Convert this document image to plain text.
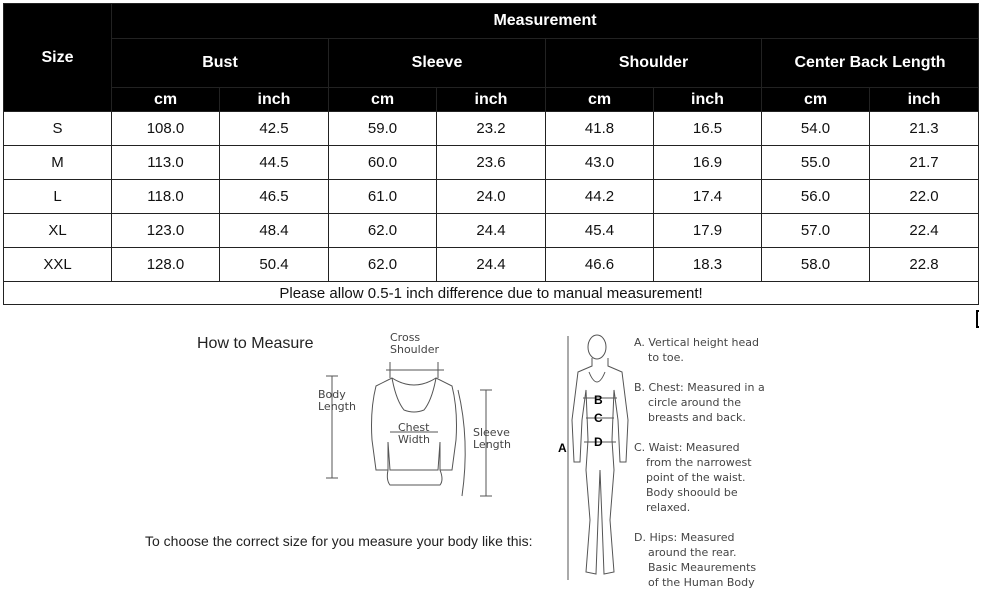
Size	Measurement							
	Bust		Sleeve		Shoulder		Center Back Length	
	cm	inch	cm	inch	cm	inch	cm	inch
S	108.0	42.5	59.0	23.2	41.8	16.5	54.0	21.3
M	113.0	44.5	60.0	23.6	43.0	16.9	55.0	21.7
L	118.0	46.5	61.0	24.0	44.2	17.4	56.0	22.0
XL	123.0	48.4	62.0	24.4	45.4	17.9	57.0	22.4
XXL	128.0	50.4	62.0	24.4	46.6	18.3	58.0	22.8
Please allow 0.5-1 inch difference due to manual measurement!								
How to Measure	Cross
Shoulder
Body
Length
Chest
Width
Sleeve
Length
To choose the correct size for you measure your body like this:
A
B
C
D
A. Vertical height head
to toe.
B. Chest: Measured in a
circle around the
breasts and back.
C. Waist: Measured
from the narrowest
point of the waist.
Body shoould be
relaxed.
D. Hips: Measured
around the rear.
Basic Meaurements
of the Human Body
